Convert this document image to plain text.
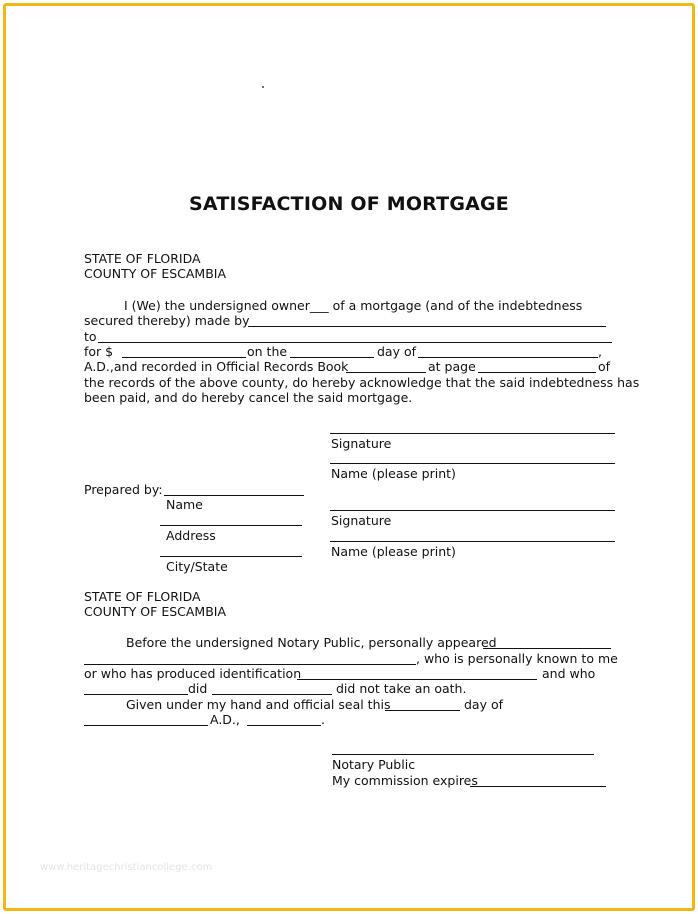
SATISFACTION OF MORTGAGE
STATE OF FLORIDA
COUNTY OF ESCAMBIA
I (We) the undersigned owner___ of a mortgage (and of the indebtedness
secured thereby) made by
to
for $	on the	day of	,
A.D.,and recorded in Official Records Book	at page	of
the records of the above county, do hereby acknowledge that the said indebtedness has
been paid, and do hereby cancel the said mortgage.
Signature
Name (please print)
Signature
Name (please print)
Prepared by:
Name
Address
City/State
STATE OF FLORIDA
COUNTY OF ESCAMBIA
Before the undersigned Notary Public, personally appeared
, who is personally known to me
or who has produced identification	and who
did	did not take an oath.
Given under my hand and official seal this	day of
A.D.,	.
Notary Public
My commission expires
www.heritagechristiancollege.com
